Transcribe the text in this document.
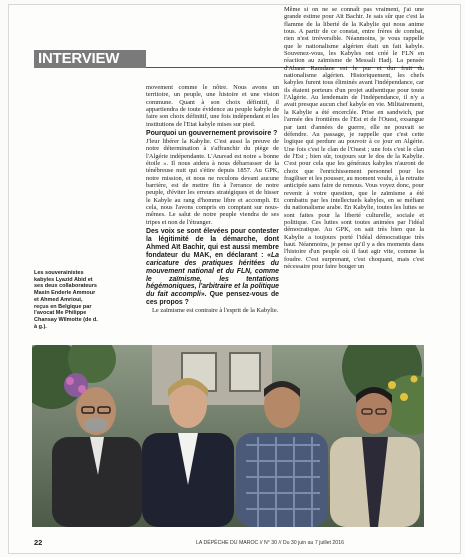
INTERVIEW

movement comme le nôtre. Nous avons un territoire, un peuple, une histoire et une vision commune. Quant à son choix définitif, il appartiendra de toute évidence au peuple kabyle de faire son choix définitif, une fois indépendant et les institutions de l'Etat kabyle mises sur pied.

Pourquoi un gouvernement provisoire ?

J'leur libérer la Kabylie. C'est aussi la preuve de notre détermination à s'affranchir du piège de l'Algérie indépendante. L'Anavad est notre « bonne étoile ». Il nous aidera à nous débarrasser de la ténébreuse nuit qui s'étire depuis 1857. Au GPK, notre mission, et nous ne reculons devant aucune barrière, est de mettre fin à l'errance de notre peuple, d'éviter les erreurs stratégiques et de hisser le Kabyle au rang d'homme libre et accompli. Et cela, nous l'avons compris en comptant sur nous-mêmes. Le salut de notre peuple viendra de ses tripes et non de l'étranger.

Des voix se sont élevées pour contester la légitimité de la démarche, dont Ahmed Aït Bachir, qui est aussi membre fondateur du MAK, en déclarant : «La caricature des pratiques héritées du mouvement national et du FLN, comme le zaïmisme, les tentations hégémoniques, l'arbitraire et la politique du fait accompli». Que pensez-vous de ces propos ?

Le zaïmisme est contraire à l'esprit de la Kabylie.

Même si on ne se connaît pas vraiment, j'ai une grande estime pour Aït Bachir. Je sais sûr que c'est la flamme de la liberté de la Kabylie qui nous anime tous. A partir de ce constat, entre frères de combat, rien n'est irréversible. Néanmoins, je vous rappelle que le nationalisme algérien était un fait kabyle. Souvenez-vous, les Kabyles ont créé le FLN en réaction au zaïmisme de Messali Hadj. La pensée d'Abane Ramdane est le pur et dur fruit du nationalisme algérien. Historiquement, les chefs kabyles furent tous éliminés avant l'indépendance, car ils étaient porteurs d'un projet authentique pour toute l'Algérie. Au lendemain de l'indépendance, il n'y a avait presque aucun chef kabyle en vie. Militairement, la Kabylie a été encerclée. Prise en sandwich, par l'armée des frontières de l'Est et de l'Ouest, exsangue par tant d'années de guerre, elle ne pouvait se défendre. Au passage, je rappelle que c'est cette logique qui perdure au pouvoir à ce jour en Algérie. Une fois c'est le clan de l'Ouest ; une fois c'est le clan de l'Est ; bien sûr, toujours sur le dos de la Kabylie. C'est pour cela que les généraux kabyles n'auront de choix que l'enrichissement personnel pour les fragiliser et les pousser, au moment voulu, à la retraite anticipée sans faire de remous. Vous voyez donc, pour revenir à votre question, que le zaïmisme a été combattu par les intellectuels kabyles, en se méfiant du nationalisme arabe. En Kabylie, toutes les luttes se sont faites pour la liberté culturelle, sociale et politique. Ces luttes sont toutes animées par l'idéal démocratique. Au GPK, on sait très bien que la Kabylie a toujours porté l'idéal démocratique très haut. Néanmoins, je pense qu'il y a des moments dans l'histoire d'un peuple où il faut agir vite, comme la foudre. C'est surprenant, c'est choquant, mais c'est nécessaire pour faire bouger un

Les souverainistes kabyles Lyazid Abid et ses deux collaborateurs Masin Enderle Ammour et Ahmed Amrioui, reçus en Belgique par l'avocat Me Philippe Chansay Wilmotte (de d. à g.).
22	LA DÉPÊCHE DU MAROC // N° 30 // Du 30 juin au 7 juillet 2016
